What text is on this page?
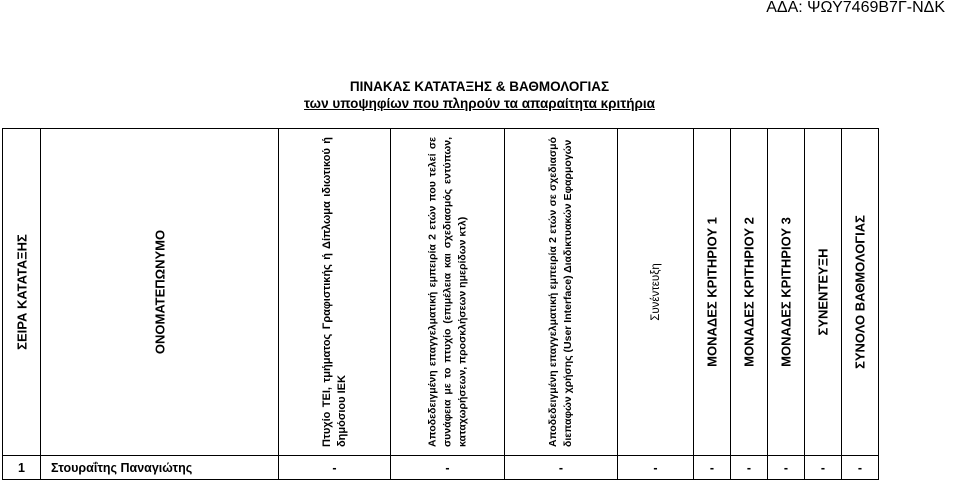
ΑΔΑ: ΨΩΥ7469Β7Γ-ΝΔΚ
ΠΙΝΑΚΑΣ ΚΑΤΑΤΑΞΗΣ & ΒΑΘΜΟΛΟΓΙΑΣ
των υποψηφίων που πληρούν τα απαραίτητα κριτήρια
ΣΕΙΡΑ ΚΑΤΑΤΑΞΗΣ	ΟΝΟΜΑΤΕΠΩΝΥΜΟ	Πτυχίο ΤΕΙ, τμήματος Γραφιστικής ή Δίπλωμα ιδιωτικού ή δημόσιου ΙΕΚ	Αποδεδειγμένη επαγγελματική εμπειρία 2 ετών που τελεί σε συνάφεια με το πτυχίο (επιμέλεια και σχεδιασμός εντύπων, καταχωρήσεων, προσκλήσεων ημερίδων κτλ)	Αποδεδειγμένη επαγγελματική εμπειρία 2 ετών σε σχεδιασμό διεπαφών χρήσης (User Interface) Διαδικτυακών Εφαρμογών	Συνέντευξη	ΜΟΝΑΔΕΣ ΚΡΙΤΗΡΙΟΥ 1	ΜΟΝΑΔΕΣ ΚΡΙΤΗΡΙΟΥ 2	ΜΟΝΑΔΕΣ ΚΡΙΤΗΡΙΟΥ 3	ΣΥΝΕΝΤΕΥΞΗ	ΣΥΝΟΛΟ ΒΑΘΜΟΛΟΓΙΑΣ

1	Στουραΐτης Παναγιώτης	-	-	-	-	-	-	-	-	-
